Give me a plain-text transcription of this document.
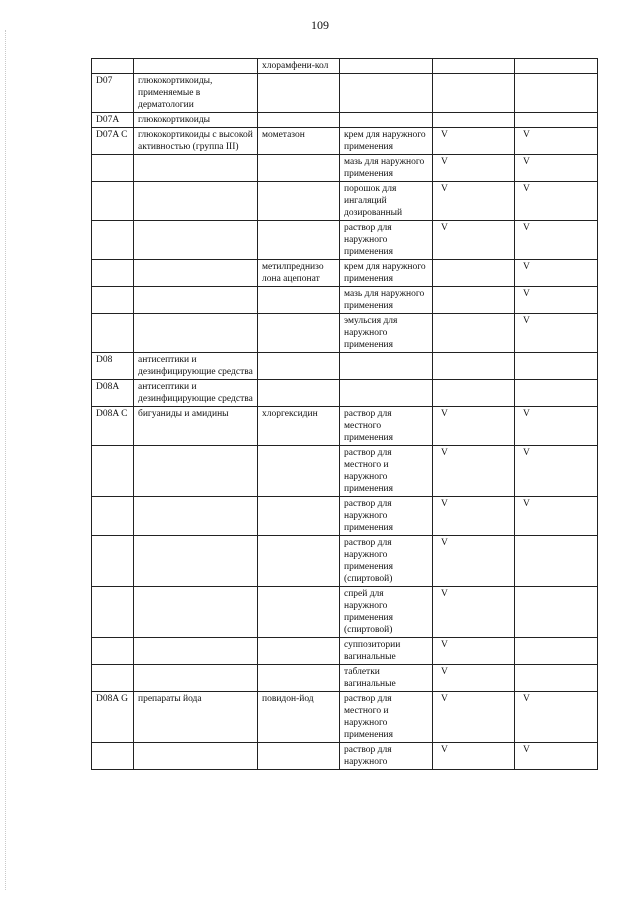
109
		хлорамфени-кол			
D07	глюкокортикоиды, применяемые в дерматологии				
D07A	глюкокортикоиды				
D07A C	глюкокортикоиды с высокой активностью (группа III)	мометазон	крем для наружного применения	V	V
			мазь для наружного применения	V	V
			порошок для ингаляций дозированный	V	V
			раствор для наружного применения	V	V
		метилпреднизо лона ацепонат	крем для наружного применения		V
			мазь для наружного применения		V
			эмульсия для наружного применения		V
D08	антисептики и дезинфицирующие средства				
D08A	антисептики и дезинфицирующие средства				
D08A C	бигуаниды и амидины	хлоргексидин	раствор для местного применения	V	V
			раствор для местного и наружного применения	V	V
			раствор для наружного применения	V	V
			раствор для наружного применения (спиртовой)	V	
			спрей для наружного применения (спиртовой)	V	
			суппозитории вагинальные	V	
			таблетки вагинальные	V	
D08A G	препараты йода	повидон-йод	раствор для местного и наружного применения	V	V
			раствор для наружного	V	V
